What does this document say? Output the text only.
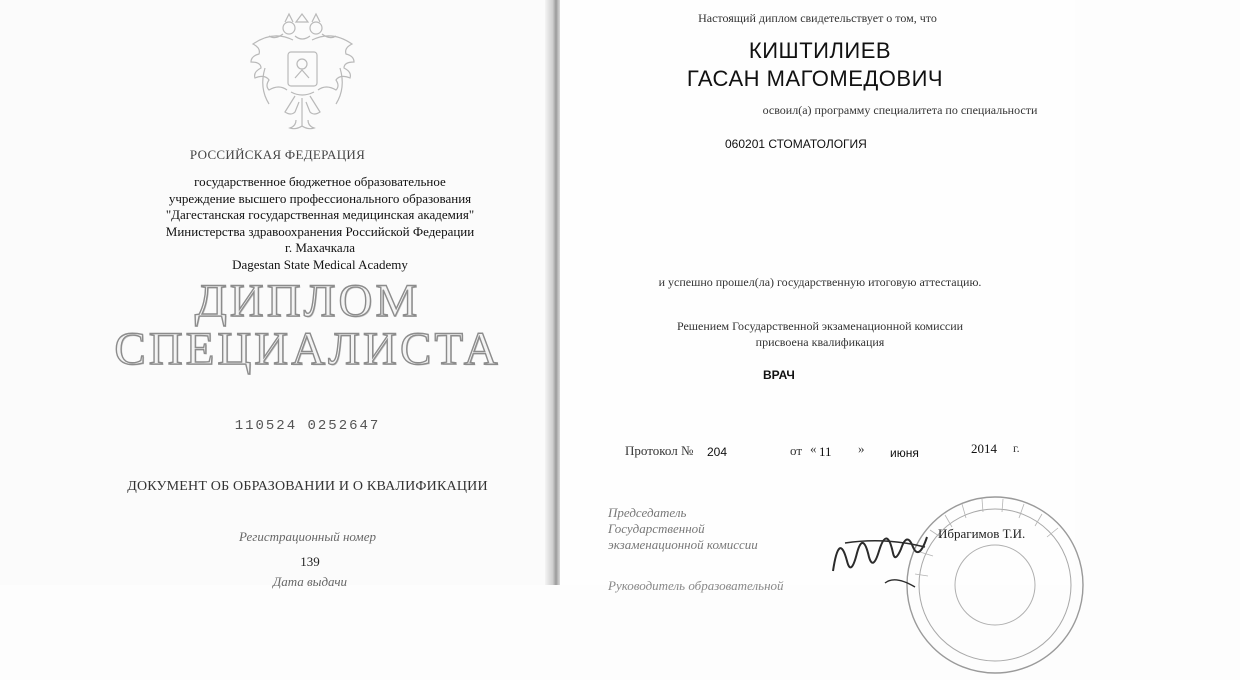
РОССИЙСКАЯ ФЕДЕРАЦИЯ
государственное бюджетное образовательное
учреждение высшего профессионального образования
"Дагестанская государственная медицинская академия"
Министерства здравоохранения Российской Федерации
г. Махачкала
Dagestan State Medical Academy
ДИПЛОМ
СПЕЦИАЛИСТА
110524 0252647
ДОКУМЕНТ ОБ ОБРАЗОВАНИИ И О КВАЛИФИКАЦИИ
Регистрационный номер
139
Дата выдачи
Настоящий диплом свидетельствует о том, что
КИШТИЛИЕВ
ГАСАН МАГОМЕДОВИЧ
освоил(а) программу специалитета по специальности
060201 СТОМАТОЛОГИЯ
и успешно прошел(ла) государственную итоговую аттестацию.
Решением Государственной экзаменационной комиссии
присвоена квалификация
ВРАЧ
Протокол № 204	от « 11 » июня	2014 г.
Председатель
Государственной
экзаменационной комиссии
Ибрагимов Т.И.
Руководитель образовательной
